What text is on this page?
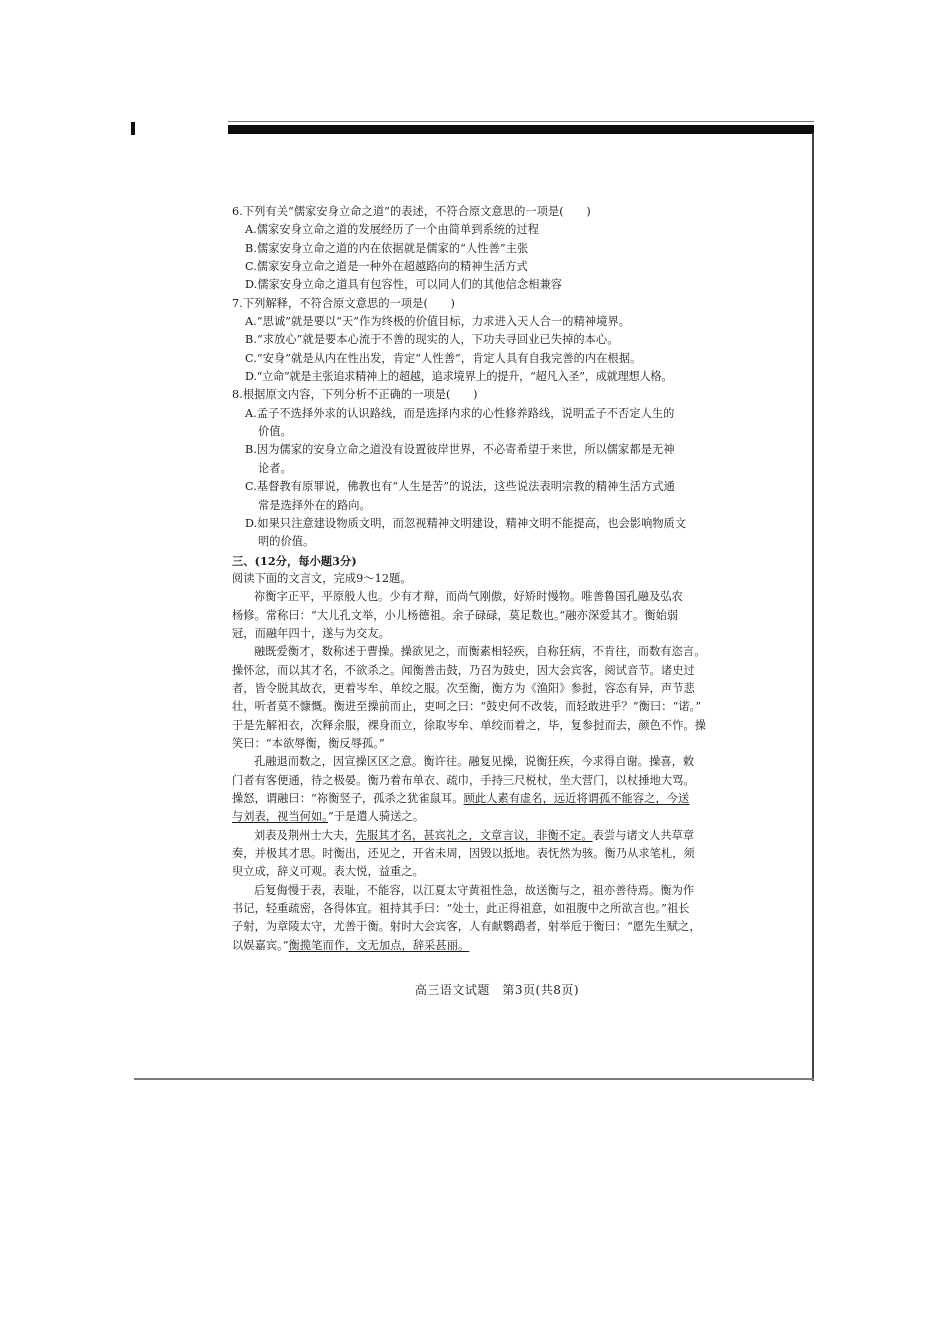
6.下列有关“儒家安身立命之道”的表述，不符合原文意思的一项是(　　)
A.儒家安身立命之道的发展经历了一个由简单到系统的过程
B.儒家安身立命之道的内在依据就是儒家的“人性善”主张
C.儒家安身立命之道是一种外在超越路向的精神生活方式
D.儒家安身立命之道具有包容性，可以同人们的其他信念相兼容
7.下列解释，不符合原文意思的一项是(　　)
A.“思诚”就是要以“天”作为终极的价值目标，力求进入天人合一的精神境界。
B.“求放心”就是要本心流于不善的现实的人，下功夫寻回业已失掉的本心。
C.“安身”就是从内在性出发，肯定“人性善”，肯定人具有自我完善的内在根据。
D.“立命”就是主张追求精神上的超越，追求境界上的提升，“超凡入圣”，成就理想人格。
8.根据原文内容，下列分析不正确的一项是(　　)
A.孟子不选择外求的认识路线，而是选择内求的心性修养路线，说明孟子不否定人生的
价值。
B.因为儒家的安身立命之道没有设置彼岸世界，不必寄希望于来世，所以儒家都是无神
论者。
C.基督教有原罪说，佛教也有“人生是苦”的说法，这些说法表明宗教的精神生活方式通
常是选择外在的路向。
D.如果只注意建设物质文明，而忽视精神文明建设，精神文明不能提高，也会影响物质文
明的价值。
三、(12分，每小题3分)
阅读下面的文言文，完成9～12题。
祢衡字正平，平原般人也。少有才辩，而尚气刚傲，好矫时慢物。唯善鲁国孔融及弘农
杨修。常称曰：“大儿孔文举，小儿杨德祖。余子碌碌，莫足数也。”融亦深爱其才。衡始弱
冠，而融年四十，遂与为交友。
融既爱衡才，数称述于曹操。操欲见之，而衡素相轻疾，自称狂病，不肯往，而数有恣言。
操怀忿，而以其才名，不欲杀之。闻衡善击鼓，乃召为鼓史，因大会宾客，阅试音节。诸史过
者，皆令脱其故衣，更着岑牟、单绞之服。次至衡，衡方为《渔阳》参挝，容态有异，声节悲
壮，听者莫不慷慨。衡进至操前而止，吏呵之曰：“鼓史何不改装，而轻敢进乎？”衡曰：“诺。”
于是先解衵衣，次释余服，裸身而立，徐取岑牟、单绞而着之，毕，复参挝而去，颜色不怍。操
笑曰：“本欲辱衡，衡反辱孤。”
孔融退而数之，因宣操区区之意。衡许往。融复见操，说衡狂疾，今求得自谢。操喜，敕
门者有客便通，待之极晏。衡乃着布单衣、疏巾，手持三尺棁杖，坐大营门，以杖捶地大骂。
操怒，谓融曰：“祢衡竖子，孤杀之犹雀鼠耳。顾此人素有虚名，远近将谓孤不能容之，今送
与刘表，视当何如。”于是遣人骑送之。
刘表及荆州士大夫，先服其才名，甚宾礼之，文章言议，非衡不定。表尝与诸文人共草章
奏，并极其才思。时衡出，还见之，开省未周，因毁以抵地。表怃然为骇。衡乃从求笔札，须
臾立成，辞义可观。表大悦，益重之。
后复侮慢于表，表耻，不能容，以江夏太守黄祖性急，故送衡与之，祖亦善待焉。衡为作
书记，轻重疏密，各得体宜。祖持其手曰：“处士，此正得祖意，如祖腹中之所欲言也。”祖长
子射，为章陵太守，尤善于衡。射时大会宾客，人有献鹦鹉者，射举卮于衡曰：“愿先生赋之，
以娱嘉宾。”衡揽笔而作，文无加点，辞采甚丽。
高三语文试题　第3页(共8页)
